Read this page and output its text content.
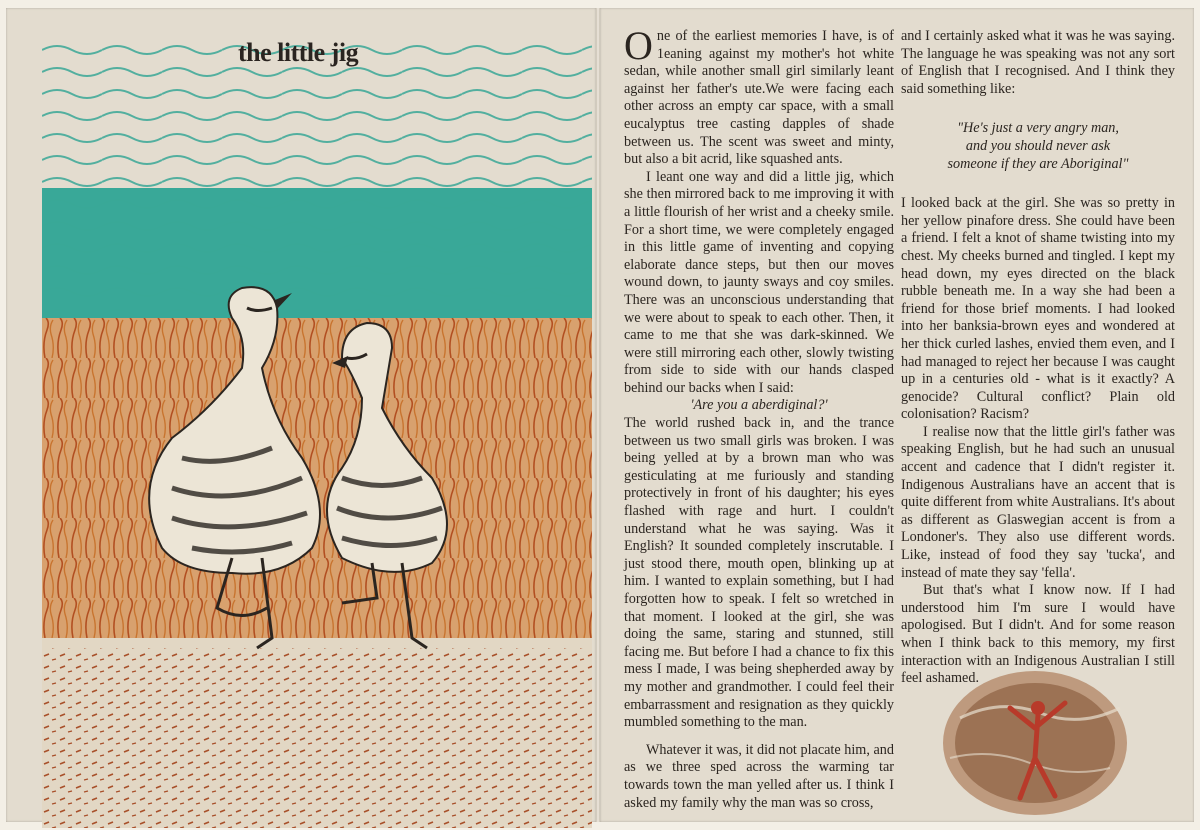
the little jig	One of the earliest memories I have, is of 1eaning against my mother's hot white sedan, while another small girl similarly leant against her father's ute.We were facing each other across an empty car space, with a small eucalyptus tree casting dapples of shade between us. The scent was sweet and minty, but also a bit acrid, like squashed ants.

I leant one way and did a little jig, which she then mirrored back to me improving it with a little flourish of her wrist and a cheeky smile. For a short time, we were completely engaged in this little game of inventing and copying elaborate dance steps, but then our moves wound down, to jaunty sways and coy smiles. There was an unconscious understanding that we were about to speak to each other. Then, it came to me that she was dark-skinned. We were still mirroring each other, slowly twisting from side to side with our hands clasped behind our backs when I said:

'Are you a aberdiginal?'

The world rushed back in, and the trance between us two small girls was broken. I was being yelled at by a brown man who was gesticulating at me furiously and standing protectively in front of his daughter; his eyes flashed with rage and hurt. I couldn't understand what he was saying. Was it English? It sounded completely inscrutable. I just stood there, mouth open, blinking up at him. I wanted to explain something, but I had forgotten how to speak. I felt so wretched in that moment. I looked at the girl, she was doing the same, staring and stunned, still facing me. But before I had a chance to fix this mess I made, I was being shepherded away by my mother and grandmother. I could feel their embarrassment and resignation as they quickly mumbled something to the man.

Whatever it was, it did not placate him, and as we three sped across the warming tar towards town the man yelled after us. I think I asked my family why the man was so cross,

and I certainly asked what it was he was saying. The language he was speaking was not any sort of English that I recognised. And I think they said something like:

"He's just a very angry man,
and you should never ask
someone if they are Aboriginal"

I looked back at the girl. She was so pretty in her yellow pinafore dress. She could have been a friend. I felt a knot of shame twisting into my chest. My cheeks burned and tingled. I kept my head down, my eyes directed on the black rubble beneath me. In a way she had been a friend for those brief moments. I had looked into her banksia-brown eyes and wondered at her thick curled lashes, envied them even, and I had managed to reject her because I was caught up in a centuries old - what is it exactly? A genocide? Cultural conflict? Plain old colonisation? Racism?

I realise now that the little girl's father was speaking English, but he had such an unusual accent and cadence that I didn't register it. Indigenous Australians have an accent that is quite different from white Australians. It's about as different as Glaswegian accent is from a Londoner's. They also use different words. Like, instead of food they say 'tucka', and instead of mate they say 'fella'.

But that's what I know now. If I had understood him I'm sure I would have apologised. But I didn't. And for some reason when I think back to this memory, my first interaction with an Indigenous Australian I still feel ashamed.
